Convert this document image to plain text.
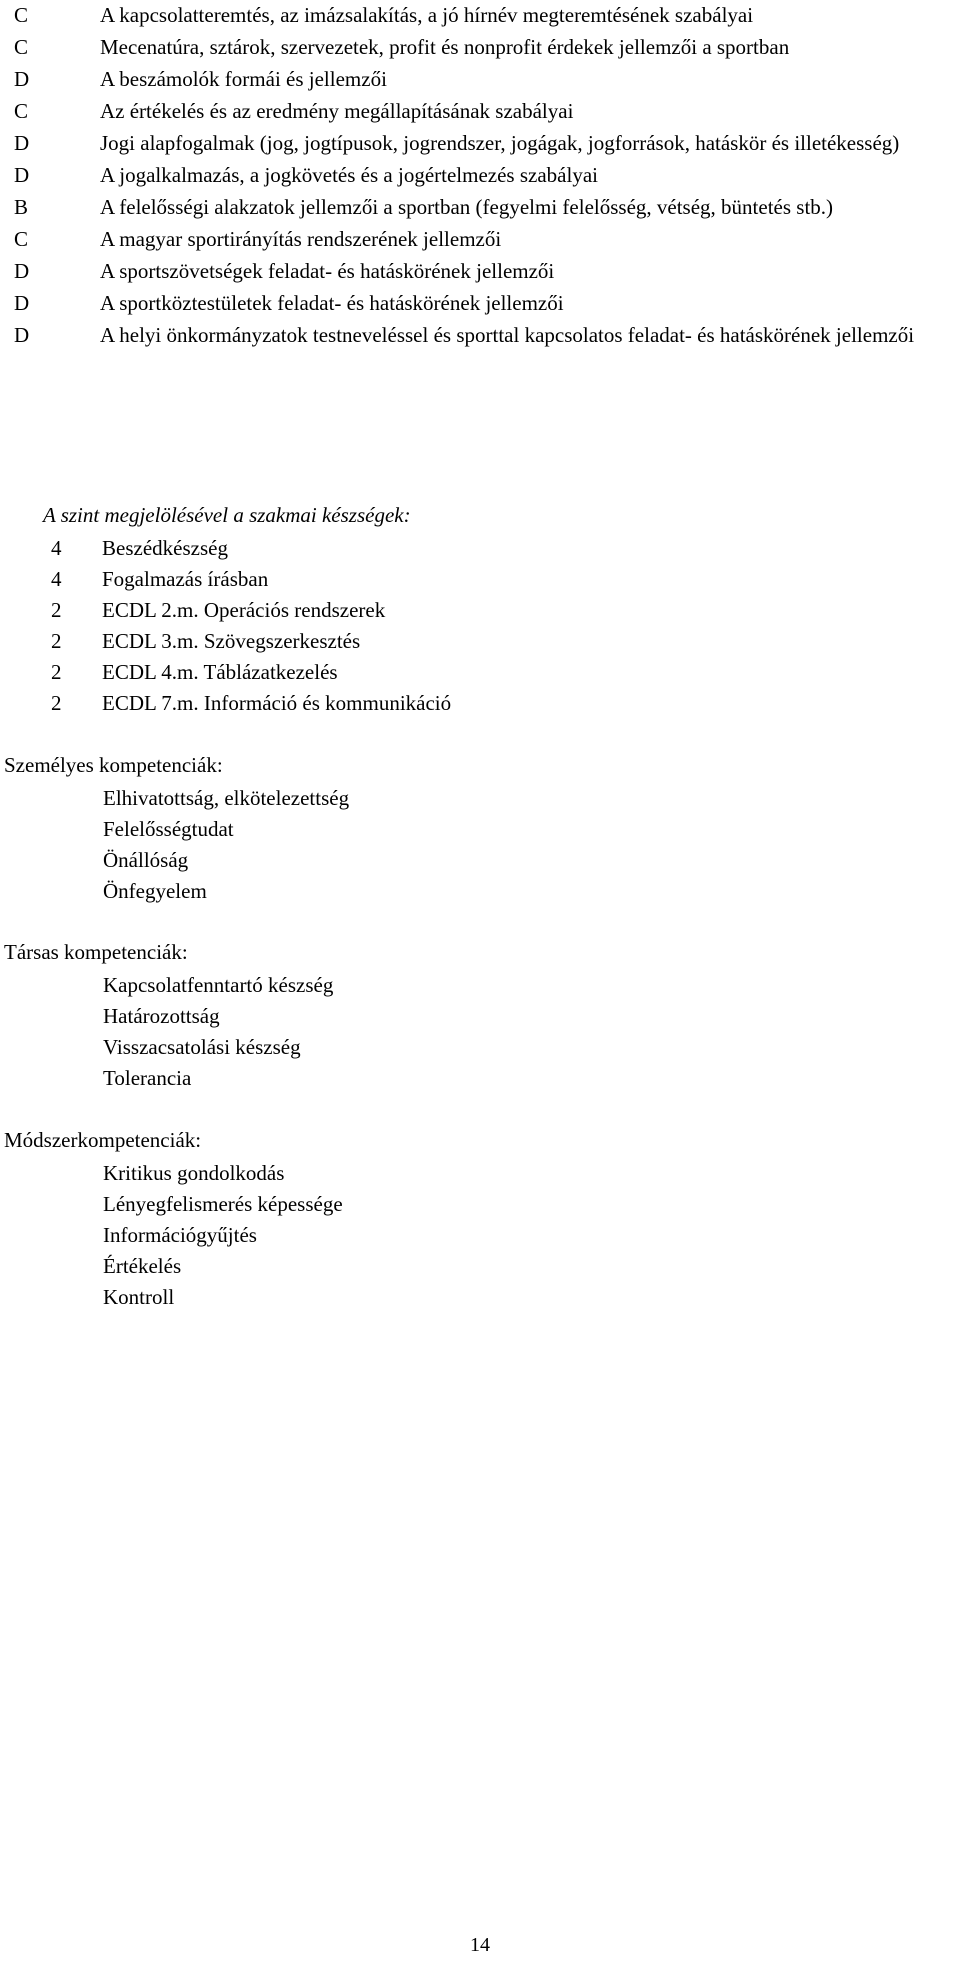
C	A kapcsolatteremtés, az imázsalakítás, a jó hírnév megteremtésének szabályai
C	Mecenatúra, sztárok, szervezetek, profit és nonprofit érdekek jellemzői a sportban
D	A beszámolók formái és jellemzői
C	Az értékelés és az eredmény megállapításának szabályai
D	Jogi alapfogalmak (jog, jogtípusok, jogrendszer, jogágak, jogforrások, hatáskör és illetékesség)
D	A jogalkalmazás, a jogkövetés és a jogértelmezés szabályai
B	A felelősségi alakzatok jellemzői a sportban (fegyelmi felelősség, vétség, büntetés stb.)
C	A magyar sportirányítás rendszerének jellemzői
D	A sportszövetségek feladat- és hatáskörének jellemzői
D	A sportköztestületek feladat- és hatáskörének jellemzői
D	A helyi önkormányzatok testneveléssel és sporttal kapcsolatos feladat- és hatáskörének jellemzői
A szint megjelölésével a szakmai készségek:
4	Beszédkészség
4	Fogalmazás írásban
2	ECDL 2.m. Operációs rendszerek
2	ECDL 3.m. Szövegszerkesztés
2	ECDL 4.m. Táblázatkezelés
2	ECDL 7.m. Információ és kommunikáció
Személyes kompetenciák:
Elhivatottság, elkötelezettség
Felelősségtudat
Önállóság
Önfegyelem
Társas kompetenciák:
Kapcsolatfenntartó készség
Határozottság
Visszacsatolási készség
Tolerancia
Módszerkompetenciák:
Kritikus gondolkodás
Lényegfelismerés képessége
Információgyűjtés
Értékelés
Kontroll
14
